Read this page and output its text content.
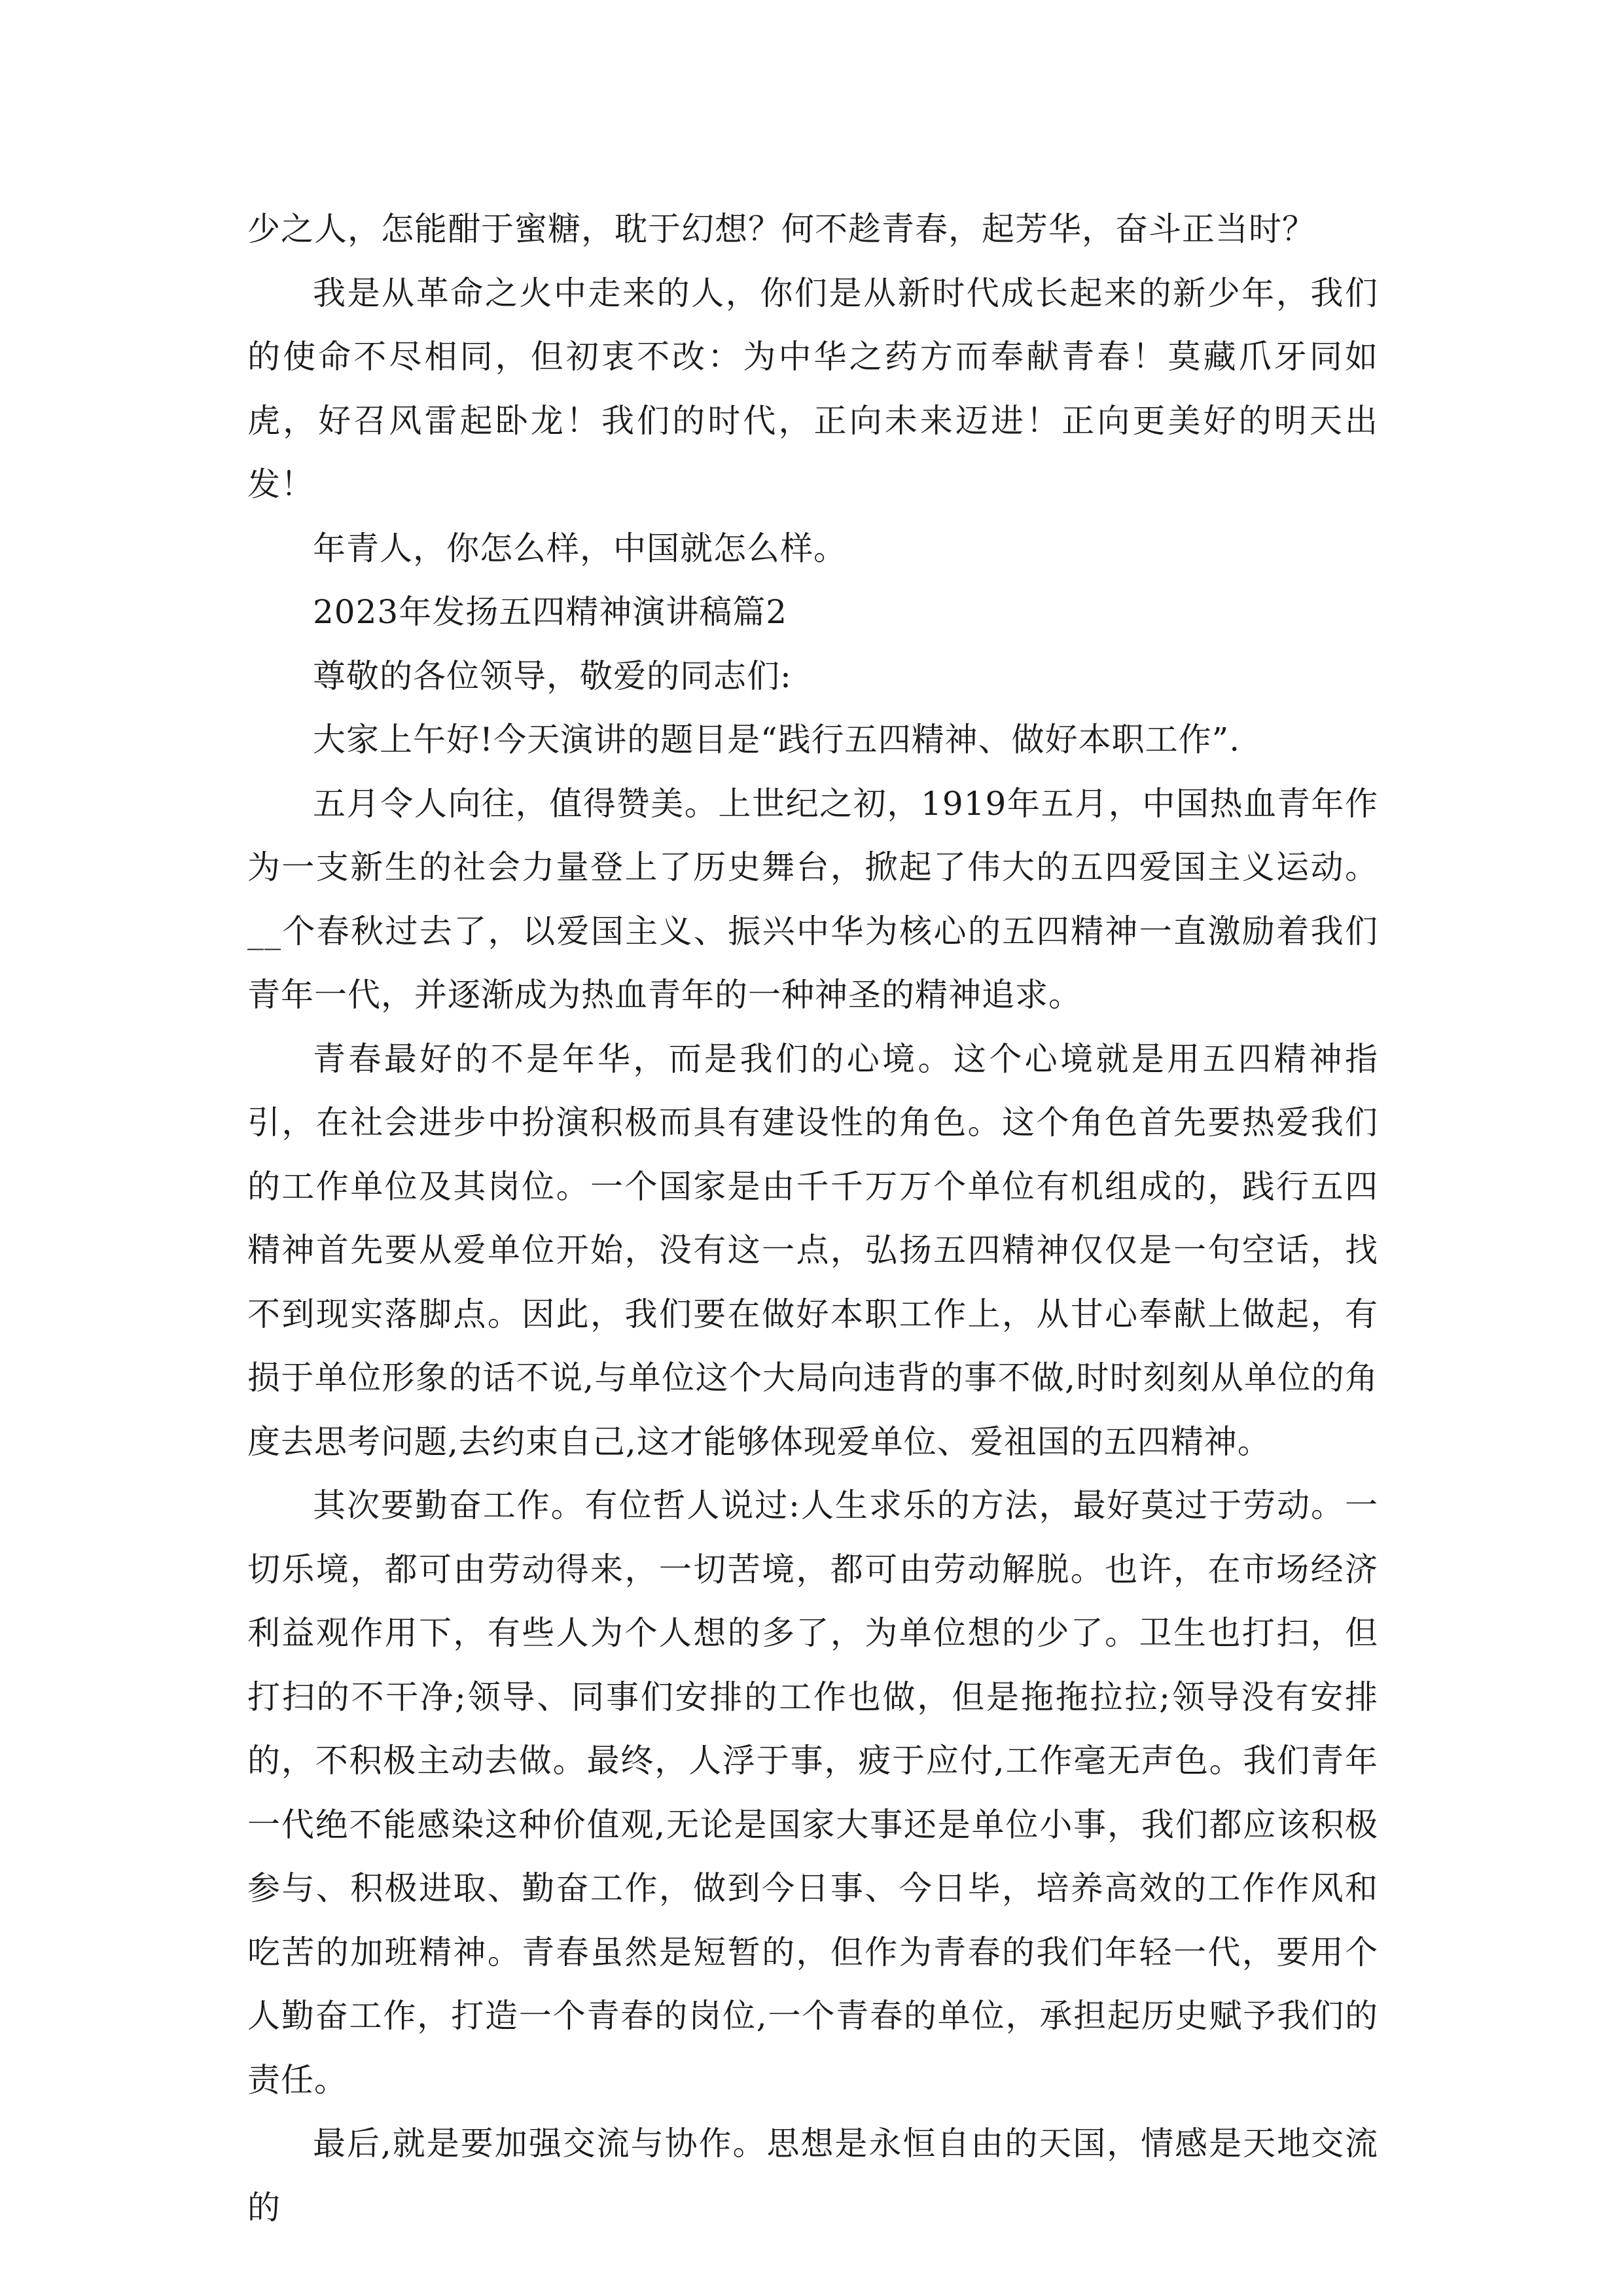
少之人，怎能酣于蜜糖，耽于幻想？何不趁青春，起芳华，奋斗正当时？

我是从革命之火中走来的人，你们是从新时代成长起来的新少年，我们的使命不尽相同，但初衷不改：为中华之药方而奉献青春！莫藏爪牙同如虎，好召风雷起卧龙！我们的时代，正向未来迈进！正向更美好的明天出发！

年青人，你怎么样，中国就怎么样。

2023年发扬五四精神演讲稿篇2

尊敬的各位领导，敬爱的同志们:

大家上午好!今天演讲的题目是“践行五四精神、做好本职工作”.

五月令人向往，值得赞美。上世纪之初，1919年五月，中国热血青年作为一支新生的社会力量登上了历史舞台，掀起了伟大的五四爱国主义运动。__个春秋过去了，以爱国主义、振兴中华为核心的五四精神一直激励着我们青年一代，并逐渐成为热血青年的一种神圣的精神追求。

青春最好的不是年华，而是我们的心境。这个心境就是用五四精神指引，在社会进步中扮演积极而具有建设性的角色。这个角色首先要热爱我们的工作单位及其岗位。一个国家是由千千万万个单位有机组成的，践行五四精神首先要从爱单位开始，没有这一点，弘扬五四精神仅仅是一句空话，找不到现实落脚点。因此，我们要在做好本职工作上，从甘心奉献上做起，有损于单位形象的话不说,与单位这个大局向违背的事不做,时时刻刻从单位的角度去思考问题,去约束自己,这才能够体现爱单位、爱祖国的五四精神。

其次要勤奋工作。有位哲人说过:人生求乐的方法，最好莫过于劳动。一切乐境，都可由劳动得来，一切苦境，都可由劳动解脱。也许，在市场经济利益观作用下，有些人为个人想的多了，为单位想的少了。卫生也打扫，但打扫的不干净;领导、同事们安排的工作也做，但是拖拖拉拉;领导没有安排的，不积极主动去做。最终，人浮于事，疲于应付,工作毫无声色。我们青年一代绝不能感染这种价值观,无论是国家大事还是单位小事，我们都应该积极参与、积极进取、勤奋工作，做到今日事、今日毕，培养高效的工作作风和吃苦的加班精神。青春虽然是短暂的，但作为青春的我们年轻一代，要用个人勤奋工作，打造一个青春的岗位,一个青春的单位，承担起历史赋予我们的责任。

最后,就是要加强交流与协作。思想是永恒自由的天国，情感是天地交流的
